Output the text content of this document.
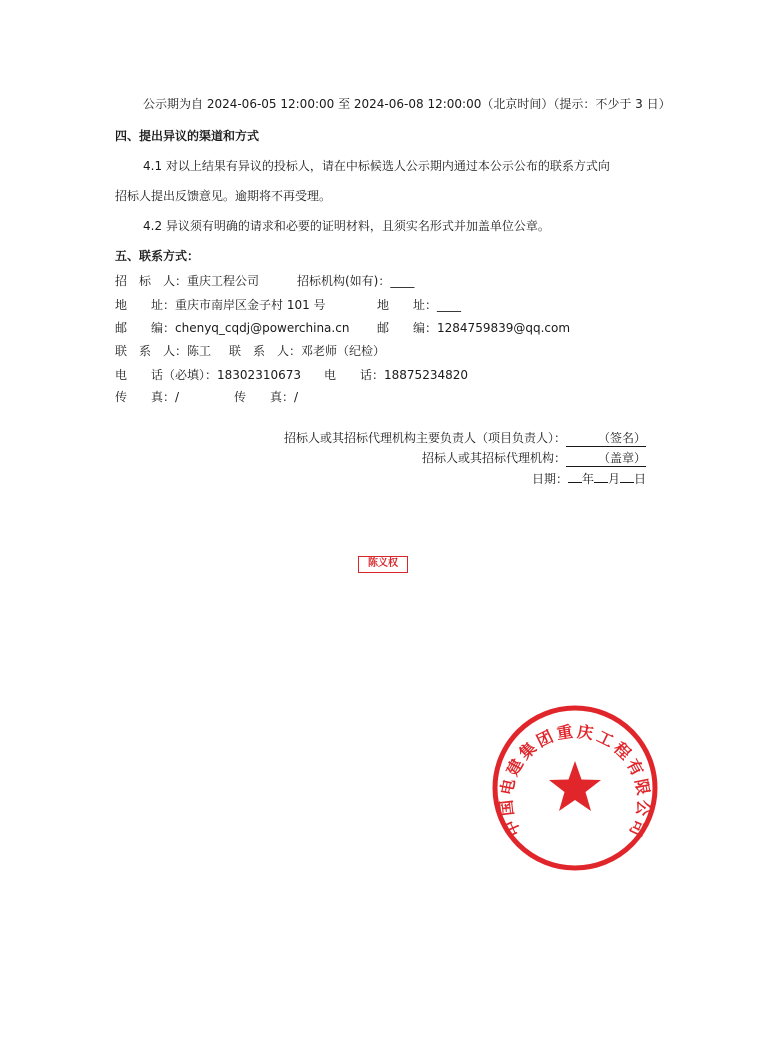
公示期为自 2024-06-05 12:00:00 至 2024-06-08 12:00:00（北京时间）（提示：不少于 3 日）
四、提出异议的渠道和方式
4.1 对以上结果有异议的投标人，请在中标候选人公示期内通过本公示公布的联系方式向
招标人提出反馈意见。逾期将不再受理。
4.2 异议须有明确的请求和必要的证明材料，且须实名形式并加盖单位公章。
五、联系方式：
招　标　人：重庆工程公司	招标机构(如有)：____
地　　址：重庆市南岸区金子村 101 号	地　　址：____
邮　　编：chenyq_cqdj@powerchina.cn 邮　　编：1284759839@qq.com
联　系　人：陈工 联　系　人：邓老师（纪检）
电　　话（必填）：18302310673 电　　话：18875234820
传　　真：/	传　　真：/
招标人或其招标代理机构主要负责人（项目负责人）：	（签名）
招标人或其招标代理机构：	（盖章）
日期： 年 月 日
陈义权
中 国 电 建 集 团 重 庆 工 程 有 限 公 司
